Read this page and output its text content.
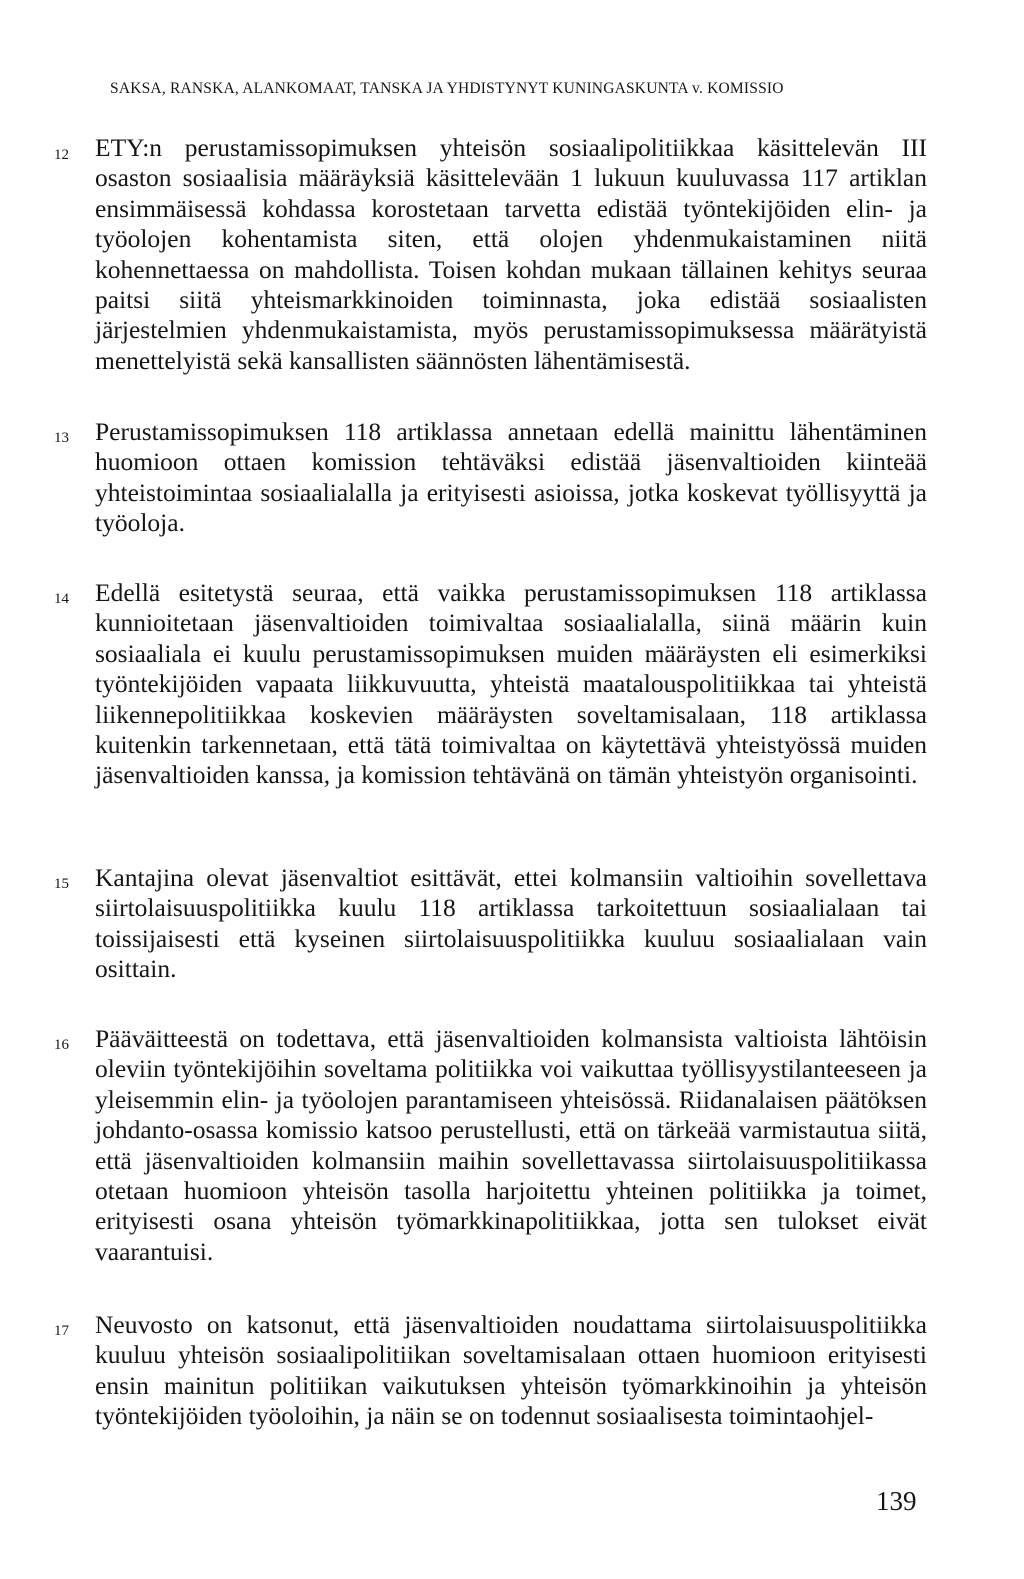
SAKSA, RANSKA, ALANKOMAAT, TANSKA JA YHDISTYNYT KUNINGASKUNTA v. KOMISSIO
12	ETY:n perustamissopimuksen yhteisön sosiaalipolitiikkaa käsittelevän III osaston sosiaalisia määräyksiä käsittelevään 1 lukuun kuuluvassa 117 artiklan ensimmäisessä kohdassa korostetaan tarvetta edistää työntekijöiden elin- ja työolojen kohentamista siten, että olojen yhdenmukaistaminen niitä kohennettaessa on mahdollista. Toisen kohdan mukaan tällainen kehitys seuraa paitsi siitä yhteismarkkinoiden toiminnasta, joka edistää sosiaalisten järjestelmien yhdenmukaistamista, myös perustamissopimuksessa määrätyistä menettelyistä sekä kansallisten säännösten lähentämisestä.
13	Perustamissopimuksen 118 artiklassa annetaan edellä mainittu lähentäminen huomioon ottaen komission tehtäväksi edistää jäsenvaltioiden kiinteää yhteistoimintaa sosiaalialalla ja erityisesti asioissa, jotka koskevat työllisyyttä ja työoloja.
14	Edellä esitetystä seuraa, että vaikka perustamissopimuksen 118 artiklassa kunnioitetaan jäsenvaltioiden toimivaltaa sosiaalialalla, siinä määrin kuin sosiaaliala ei kuulu perustamissopimuksen muiden määräysten eli esimerkiksi työntekijöiden vapaata liikkuvuutta, yhteistä maatalouspolitiikkaa tai yhteistä liikennepolitiikkaa koskevien määräysten soveltamisalaan, 118 artiklassa kuitenkin tarkennetaan, että tätä toimivaltaa on käytettävä yhteistyössä muiden jäsenvaltioiden kanssa, ja komission tehtävänä on tämän yhteistyön organisointi.
15	Kantajina olevat jäsenvaltiot esittävät, ettei kolmansiin valtioihin sovellettava siirtolaisuuspolitiikka kuulu 118 artiklassa tarkoitettuun sosiaalialaan tai toissijaisesti että kyseinen siirtolaisuuspolitiikka kuuluu sosiaalialaan vain osittain.
16	Pääväitteestä on todettava, että jäsenvaltioiden kolmansista valtioista lähtöisin oleviin työntekijöihin soveltama politiikka voi vaikuttaa työllisyystilanteeseen ja yleisemmin elin- ja työolojen parantamiseen yhteisössä. Riidanalaisen päätöksen johdanto-osassa komissio katsoo perustellusti, että on tärkeää varmistautua siitä, että jäsenvaltioiden kolmansiin maihin sovellettavassa siirtolaisuuspolitiikassa otetaan huomioon yhteisön tasolla harjoitettu yhteinen politiikka ja toimet, erityisesti osana yhteisön työmarkkinapolitiikkaa, jotta sen tulokset eivät vaarantuisi.
17	Neuvosto on katsonut, että jäsenvaltioiden noudattama siirtolaisuuspolitiikka kuuluu yhteisön sosiaalipolitiikan soveltamisalaan ottaen huomioon erityisesti ensin mainitun politiikan vaikutuksen yhteisön työmarkkinoihin ja yhteisön työntekijöiden työoloihin, ja näin se on todennut sosiaalisesta toimintaohjel-
139
